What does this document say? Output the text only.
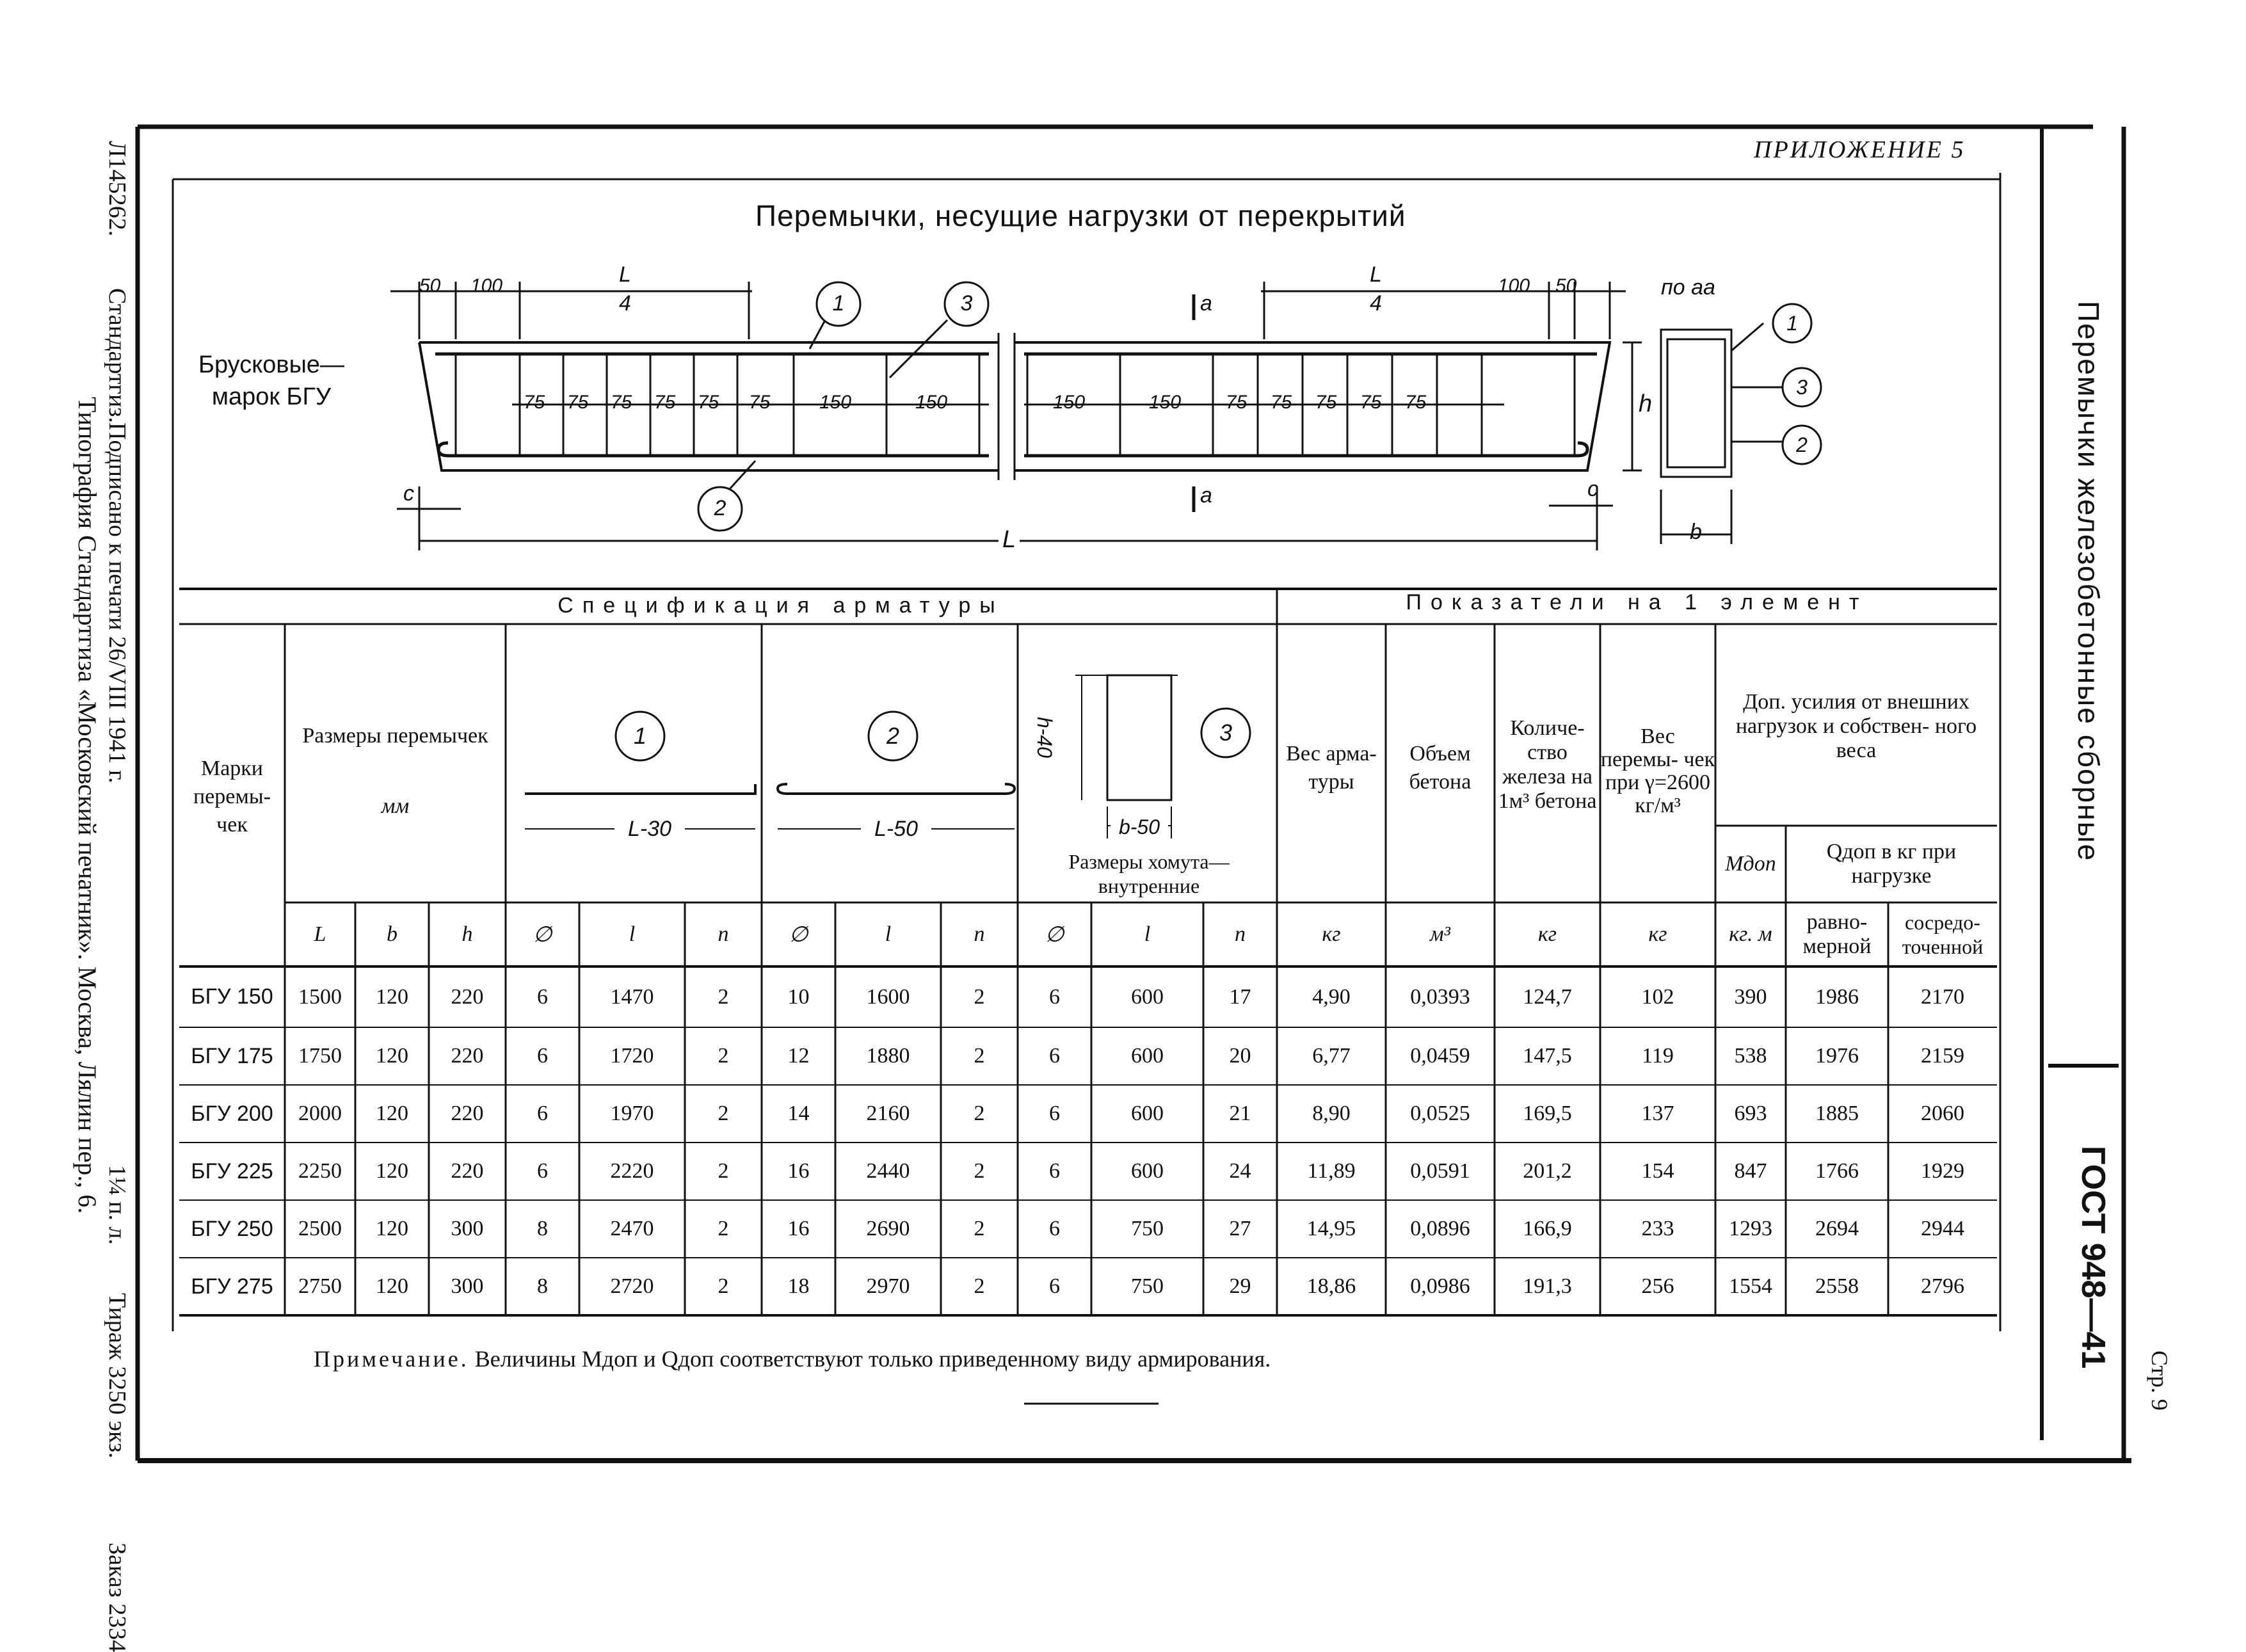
Л145262.Стандартгиз.Подписано к печати 26/VIII 1941 г.1¼ п. л.Тираж 3250 экз.Заказ 2334
Типография Стандартгиза «Московский печатник». Москва, Лялин пер., 6.	Перемычки железобетонные сборные
ГОСТ 948—41
Стр. 9
ПРИЛОЖЕНИЕ 5
Перемычки, несущие нагрузки от перекрытий
Брусковые—
марок БГУ
50 100	L
4
L
4
100 50
75 75 75 75 75 75	150	150	150	150 75 75 75 75 75
а
а
по аа
h
b
c	c
L
1	3
2
1
3
2
Спецификация арматуры	Показатели на 1 элемент
Марки перемы- чек
Размеры перемычек
мм
1
L-30
2
L-50
3
h-40
b-50
Размеры хомута— внутренние
Вес арма- туры
Объем бетона
Количе- ство железа на 1м³ бетона
Вес перемы- чек при γ=2600 кг/м³
Доп. усилия от внешних нагрузок и собствен- ного веса
Mдоп
Qдоп в кг при нагрузке
равно- мерной
сосредо- точенной
L	b	h	∅	l	n	∅	l	n	∅	l	n	кг	м³	кг	кг	кг. м
БГУ 150	1500	120	220	6	1470	2	10	1600	2	6	600	17	4,90	0,0393	124,7	102	390	1986	2170
БГУ 175	1750	120	220	6	1720	2	12	1880	2	6	600	20	6,77	0,0459	147,5	119	538	1976	2159
БГУ 200	2000	120	220	6	1970	2	14	2160	2	6	600	21	8,90	0,0525	169,5	137	693	1885	2060
БГУ 225	2250	120	220	6	2220	2	16	2440	2	6	600	24	11,89	0,0591	201,2	154	847	1766	1929
БГУ 250	2500	120	300	8	2470	2	16	2690	2	6	750	27	14,95	0,0896	166,9	233	1293	2694	2944
БГУ 275	2750	120	300	8	2720	2	18	2970	2	6	750	29	18,86	0,0986	191,3	256	1554	2558	2796
Примечание. Величины Mдоп и Qдоп соответствуют только приведенному виду армирования.
